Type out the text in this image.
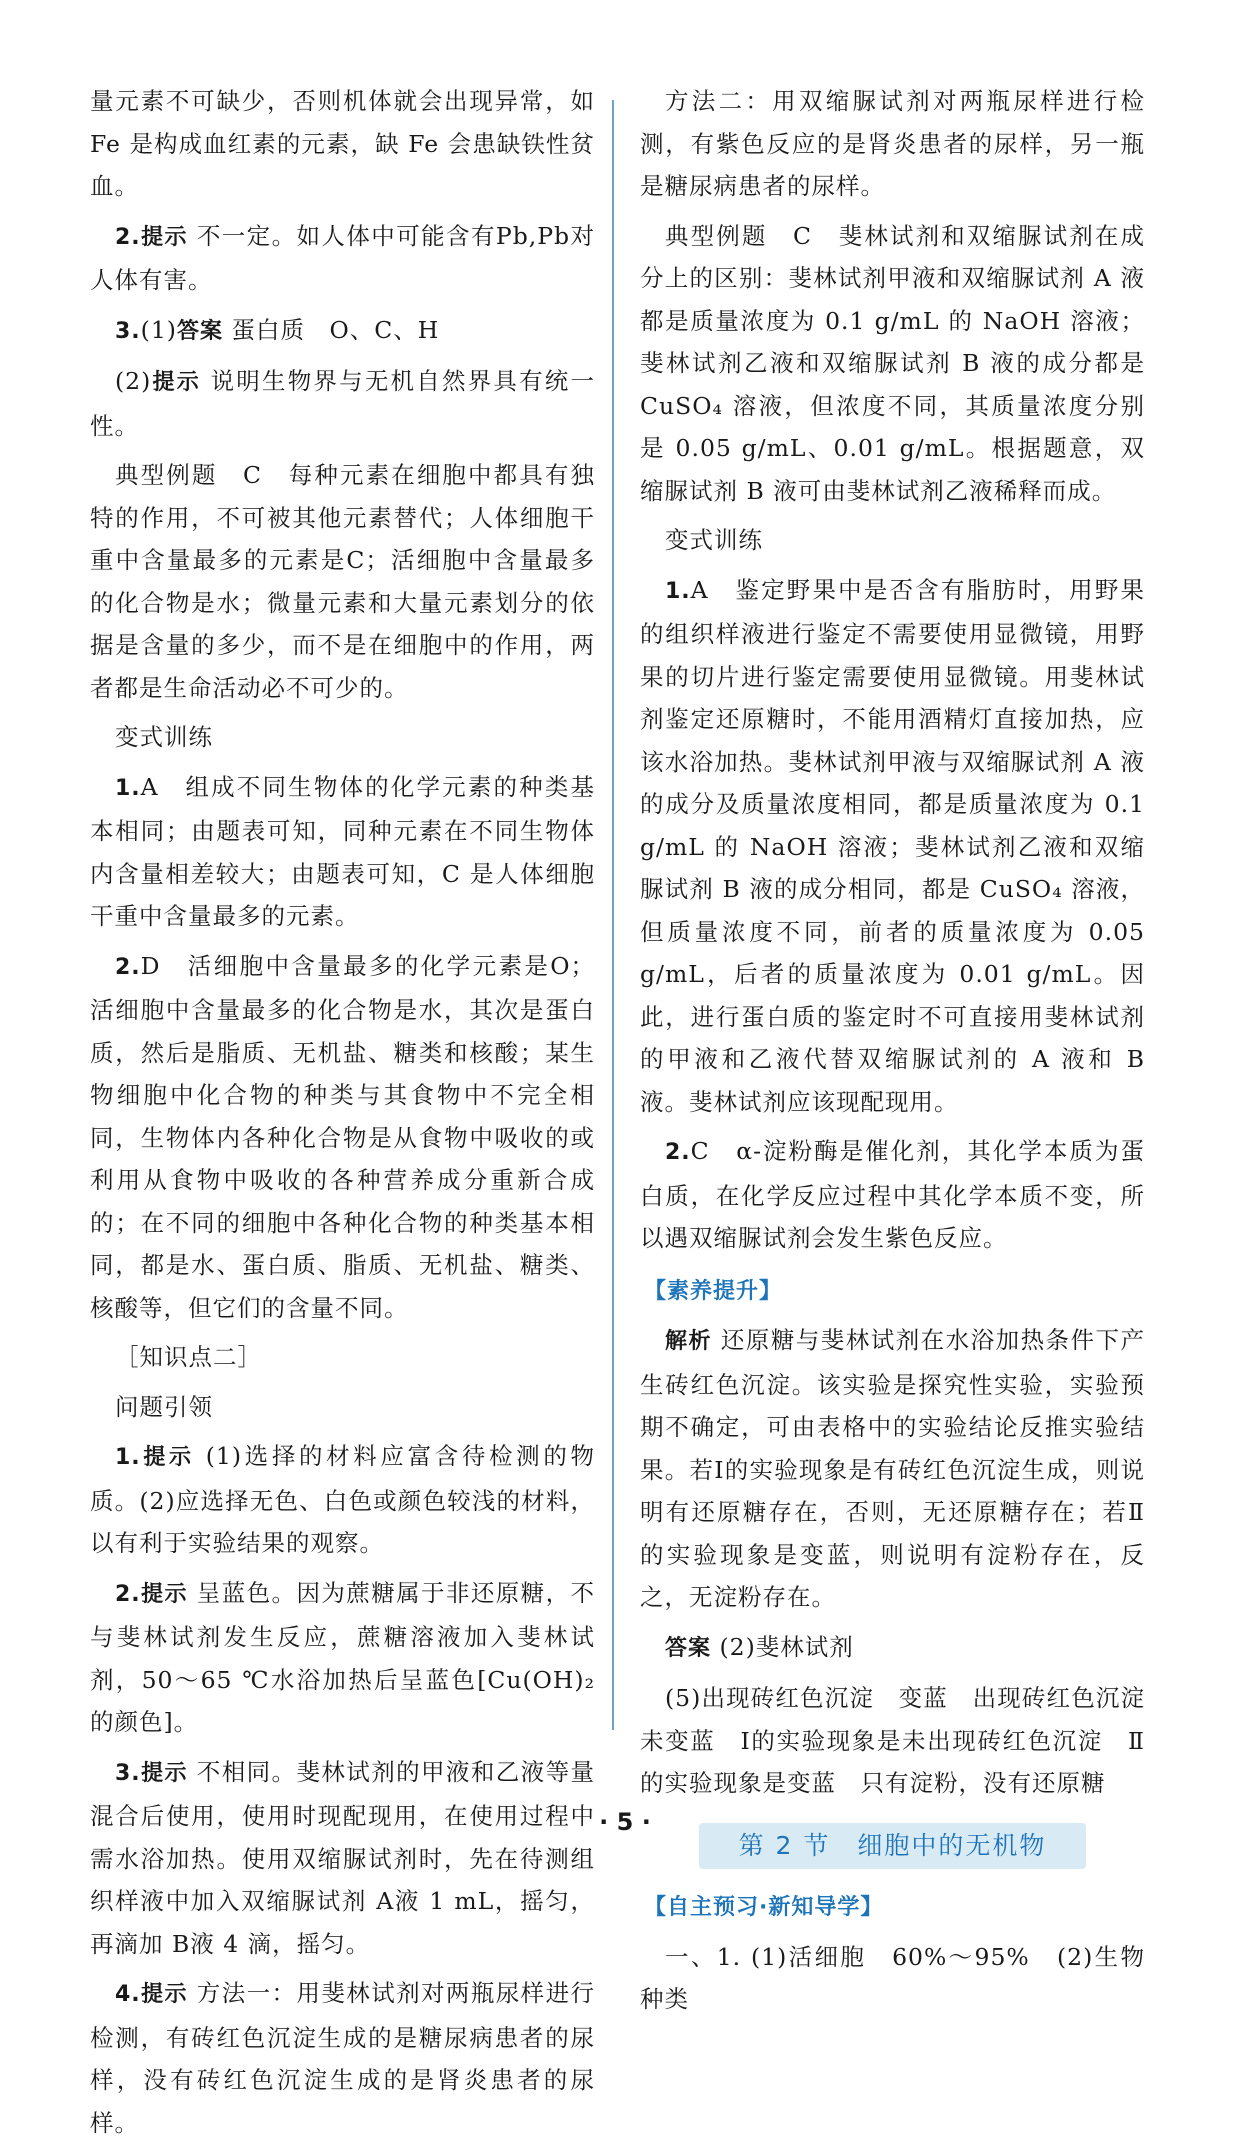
量元素不可缺少，否则机体就会出现异常，如 Fe 是构成血红素的元素，缺 Fe 会患缺铁性贫血。

2.提示 不一定。如人体中可能含有Pb,Pb对人体有害。

3.(1)答案 蛋白质　O、C、H

(2)提示 说明生物界与无机自然界具有统一性。

典型例题　C　每种元素在细胞中都具有独特的作用，不可被其他元素替代；人体细胞干重中含量最多的元素是C；活细胞中含量最多的化合物是水；微量元素和大量元素划分的依据是含量的多少，而不是在细胞中的作用，两者都是生命活动必不可少的。

变式训练

1.A　组成不同生物体的化学元素的种类基本相同；由题表可知，同种元素在不同生物体内含量相差较大；由题表可知，C 是人体细胞干重中含量最多的元素。

2.D　活细胞中含量最多的化学元素是O；活细胞中含量最多的化合物是水，其次是蛋白质，然后是脂质、无机盐、糖类和核酸；某生物细胞中化合物的种类与其食物中不完全相同，生物体内各种化合物是从食物中吸收的或利用从食物中吸收的各种营养成分重新合成的；在不同的细胞中各种化合物的种类基本相同，都是水、蛋白质、脂质、无机盐、糖类、核酸等，但它们的含量不同。

［知识点二］

问题引领

1.提示 (1)选择的材料应富含待检测的物质。(2)应选择无色、白色或颜色较浅的材料，以有利于实验结果的观察。

2.提示 呈蓝色。因为蔗糖属于非还原糖，不与斐林试剂发生反应，蔗糖溶液加入斐林试剂，50～65 ℃水浴加热后呈蓝色[Cu(OH)₂ 的颜色]。

3.提示 不相同。斐林试剂的甲液和乙液等量混合后使用，使用时现配现用，在使用过程中需水浴加热。使用双缩脲试剂时，先在待测组织样液中加入双缩脲试剂 A液 1 mL，摇匀，再滴加 B液 4 滴，摇匀。

4.提示 方法一：用斐林试剂对两瓶尿样进行检测，有砖红色沉淀生成的是糖尿病患者的尿样，没有砖红色沉淀生成的是肾炎患者的尿样。

方法二：用双缩脲试剂对两瓶尿样进行检测，有紫色反应的是肾炎患者的尿样，另一瓶是糖尿病患者的尿样。

典型例题　C　斐林试剂和双缩脲试剂在成分上的区别：斐林试剂甲液和双缩脲试剂 A 液都是质量浓度为 0.1 g/mL 的 NaOH 溶液；斐林试剂乙液和双缩脲试剂 B 液的成分都是 CuSO₄ 溶液，但浓度不同，其质量浓度分别是 0.05 g/mL、0.01 g/mL。根据题意，双缩脲试剂 B 液可由斐林试剂乙液稀释而成。

变式训练

1.A　鉴定野果中是否含有脂肪时，用野果的组织样液进行鉴定不需要使用显微镜，用野果的切片进行鉴定需要使用显微镜。用斐林试剂鉴定还原糖时，不能用酒精灯直接加热，应该水浴加热。斐林试剂甲液与双缩脲试剂 A 液的成分及质量浓度相同，都是质量浓度为 0.1 g/mL 的 NaOH 溶液；斐林试剂乙液和双缩脲试剂 B 液的成分相同，都是 CuSO₄ 溶液，但质量浓度不同，前者的质量浓度为 0.05 g/mL，后者的质量浓度为 0.01 g/mL。因此，进行蛋白质的鉴定时不可直接用斐林试剂的甲液和乙液代替双缩脲试剂的 A 液和 B 液。斐林试剂应该现配现用。

2.C　α-淀粉酶是催化剂，其化学本质为蛋白质，在化学反应过程中其化学本质不变，所以遇双缩脲试剂会发生紫色反应。

【素养提升】

解析 还原糖与斐林试剂在水浴加热条件下产生砖红色沉淀。该实验是探究性实验，实验预期不确定，可由表格中的实验结论反推实验结果。若Ⅰ的实验现象是有砖红色沉淀生成，则说明有还原糖存在，否则，无还原糖存在；若Ⅱ的实验现象是变蓝，则说明有淀粉存在，反之，无淀粉存在。

答案 (2)斐林试剂

(5)出现砖红色沉淀　变蓝　出现砖红色沉淀　未变蓝　Ⅰ的实验现象是未出现砖红色沉淀　Ⅱ的实验现象是变蓝　只有淀粉，没有还原糖

第 2 节　细胞中的无机物
【自主预习·新知导学】

一、1. (1)活细胞　60%～95%　(2)生物种类

· 5 ·
